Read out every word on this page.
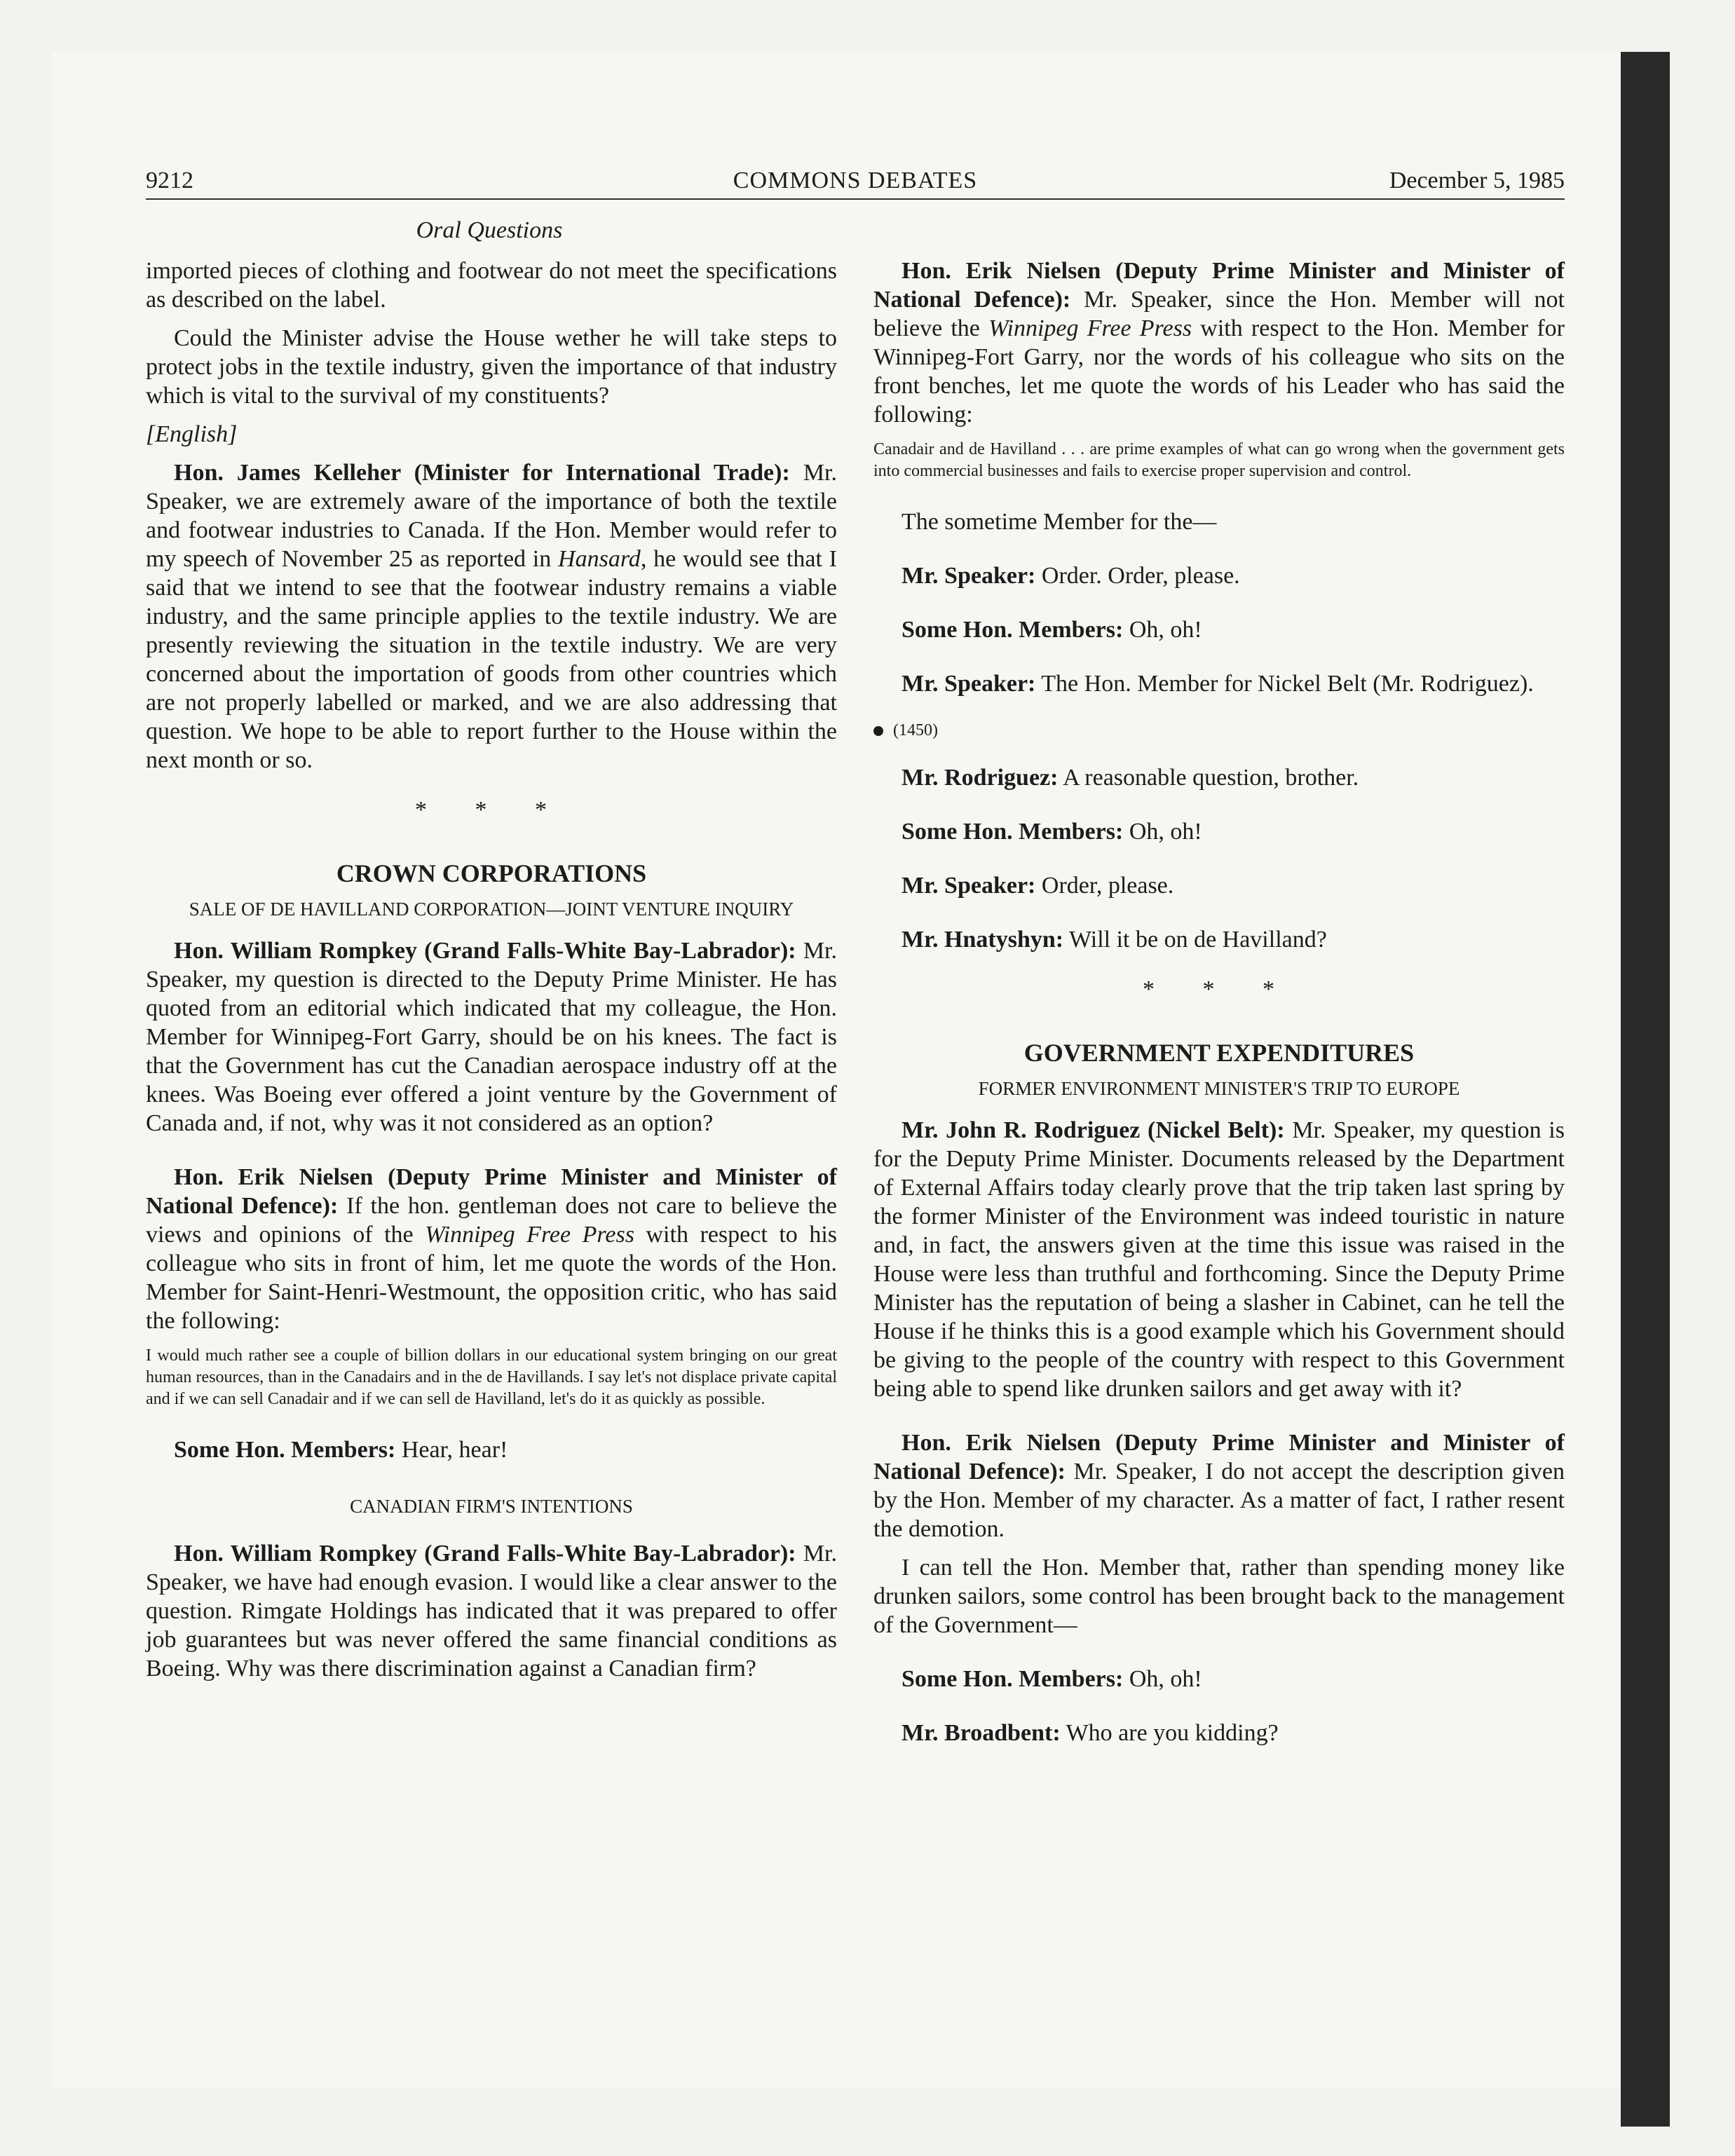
9212	COMMONS DEBATES	December 5, 1985
Oral Questions

imported pieces of clothing and footwear do not meet the specifications as described on the label.

Could the Minister advise the House wether he will take steps to protect jobs in the textile industry, given the importance of that industry which is vital to the survival of my constituents?

[English]

Hon. James Kelleher (Minister for International Trade): Mr. Speaker, we are extremely aware of the importance of both the textile and footwear industries to Canada. If the Hon. Member would refer to my speech of November 25 as reported in Hansard, he would see that I said that we intend to see that the footwear industry remains a viable industry, and the same principle applies to the textile industry. We are presently reviewing the situation in the textile industry. We are very concerned about the importation of goods from other countries which are not properly labelled or marked, and we are also addressing that question. We hope to be able to report further to the House within the next month or so.

* * *
CROWN CORPORATIONS
SALE OF DE HAVILLAND CORPORATION—JOINT VENTURE INQUIRY

Hon. William Rompkey (Grand Falls-White Bay-Labrador): Mr. Speaker, my question is directed to the Deputy Prime Minister. He has quoted from an editorial which indicated that my colleague, the Hon. Member for Winnipeg-Fort Garry, should be on his knees. The fact is that the Government has cut the Canadian aerospace industry off at the knees. Was Boeing ever offered a joint venture by the Government of Canada and, if not, why was it not considered as an option?

Hon. Erik Nielsen (Deputy Prime Minister and Minister of National Defence): If the hon. gentleman does not care to believe the views and opinions of the Winnipeg Free Press with respect to his colleague who sits in front of him, let me quote the words of the Hon. Member for Saint-Henri-Westmount, the opposition critic, who has said the following:

I would much rather see a couple of billion dollars in our educational system bringing on our great human resources, than in the Canadairs and in the de Havillands. I say let's not displace private capital and if we can sell Canadair and if we can sell de Havilland, let's do it as quickly as possible.

Some Hon. Members: Hear, hear!

CANADIAN FIRM'S INTENTIONS

Hon. William Rompkey (Grand Falls-White Bay-Labrador): Mr. Speaker, we have had enough evasion. I would like a clear answer to the question. Rimgate Holdings has indicated that it was prepared to offer job guarantees but was never offered the same financial conditions as Boeing. Why was there discrimination against a Canadian firm?

Hon. Erik Nielsen (Deputy Prime Minister and Minister of National Defence): Mr. Speaker, since the Hon. Member will not believe the Winnipeg Free Press with respect to the Hon. Member for Winnipeg-Fort Garry, nor the words of his colleague who sits on the front benches, let me quote the words of his Leader who has said the following:

Canadair and de Havilland . . . are prime examples of what can go wrong when the government gets into commercial businesses and fails to exercise proper supervision and control.

The sometime Member for the—

Mr. Speaker: Order. Order, please.

Some Hon. Members: Oh, oh!

Mr. Speaker: The Hon. Member for Nickel Belt (Mr. Rodriguez).

(1450)

Mr. Rodriguez: A reasonable question, brother.

Some Hon. Members: Oh, oh!

Mr. Speaker: Order, please.

Mr. Hnatyshyn: Will it be on de Havilland?

* * *
GOVERNMENT EXPENDITURES
FORMER ENVIRONMENT MINISTER'S TRIP TO EUROPE

Mr. John R. Rodriguez (Nickel Belt): Mr. Speaker, my question is for the Deputy Prime Minister. Documents released by the Department of External Affairs today clearly prove that the trip taken last spring by the former Minister of the Environment was indeed touristic in nature and, in fact, the answers given at the time this issue was raised in the House were less than truthful and forthcoming. Since the Deputy Prime Minister has the reputation of being a slasher in Cabinet, can he tell the House if he thinks this is a good example which his Government should be giving to the people of the country with respect to this Government being able to spend like drunken sailors and get away with it?

Hon. Erik Nielsen (Deputy Prime Minister and Minister of National Defence): Mr. Speaker, I do not accept the description given by the Hon. Member of my character. As a matter of fact, I rather resent the demotion.

I can tell the Hon. Member that, rather than spending money like drunken sailors, some control has been brought back to the management of the Government—

Some Hon. Members: Oh, oh!

Mr. Broadbent: Who are you kidding?
